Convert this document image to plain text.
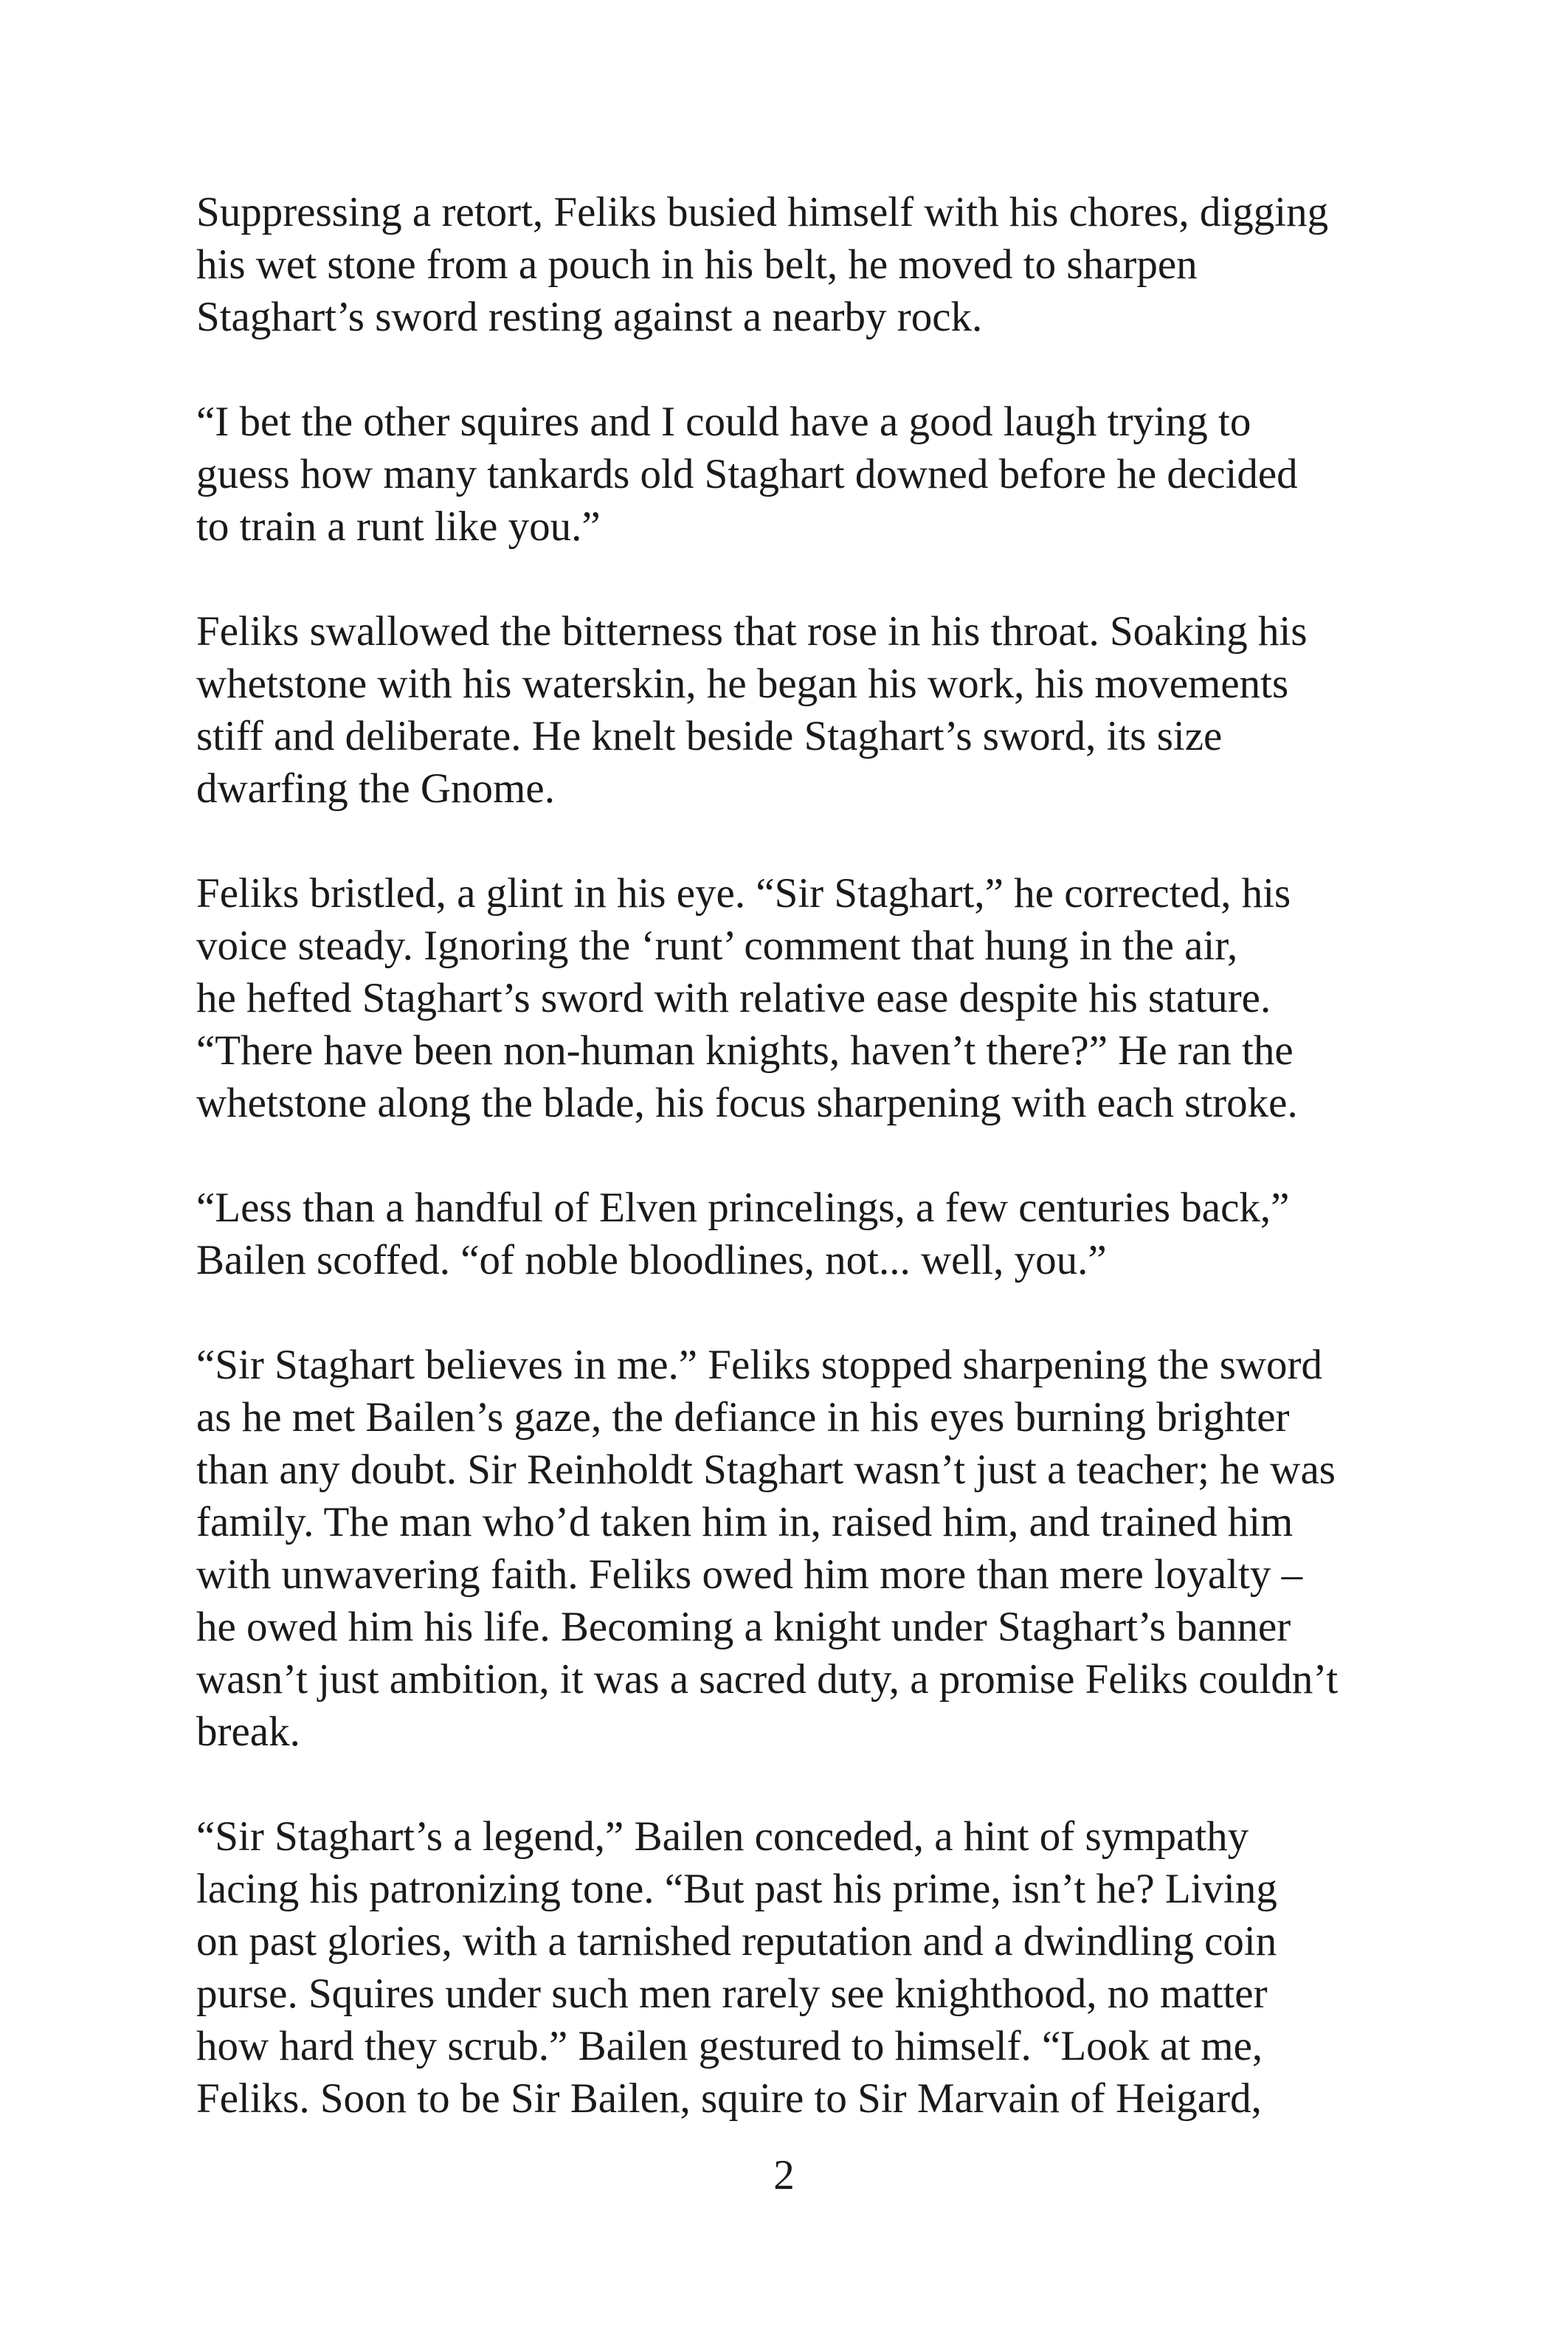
Suppressing a retort, Feliks busied himself with his chores, digging
his wet stone from a pouch in his belt, he moved to sharpen
Staghart’s sword resting against a nearby rock.
“I bet the other squires and I could have a good laugh trying to
guess how many tankards old Staghart downed before he decided
to train a runt like you.”
Feliks swallowed the bitterness that rose in his throat. Soaking his
whetstone with his waterskin, he began his work, his movements
stiff and deliberate. He knelt beside Staghart’s sword, its size
dwarfing the Gnome.
Feliks bristled, a glint in his eye. “Sir Staghart,” he corrected, his
voice steady. Ignoring the ‘runt’ comment that hung in the air,
he hefted Staghart’s sword with relative ease despite his stature.
“There have been non-human knights, haven’t there?” He ran the
whetstone along the blade, his focus sharpening with each stroke.
“Less than a handful of Elven princelings, a few centuries back,”
Bailen scoffed. “of noble bloodlines, not... well, you.”
“Sir Staghart believes in me.” Feliks stopped sharpening the sword
as he met Bailen’s gaze, the defiance in his eyes burning brighter
than any doubt. Sir Reinholdt Staghart wasn’t just a teacher; he was
family. The man who’d taken him in, raised him, and trained him
with unwavering faith. Feliks owed him more than mere loyalty –
he owed him his life. Becoming a knight under Staghart’s banner
wasn’t just ambition, it was a sacred duty, a promise Feliks couldn’t
break.
“Sir Staghart’s a legend,” Bailen conceded, a hint of sympathy
lacing his patronizing tone. “But past his prime, isn’t he? Living
on past glories, with a tarnished reputation and a dwindling coin
purse. Squires under such men rarely see knighthood, no matter
how hard they scrub.” Bailen gestured to himself. “Look at me,
Feliks. Soon to be Sir Bailen, squire to Sir Marvain of Heigard,
2
